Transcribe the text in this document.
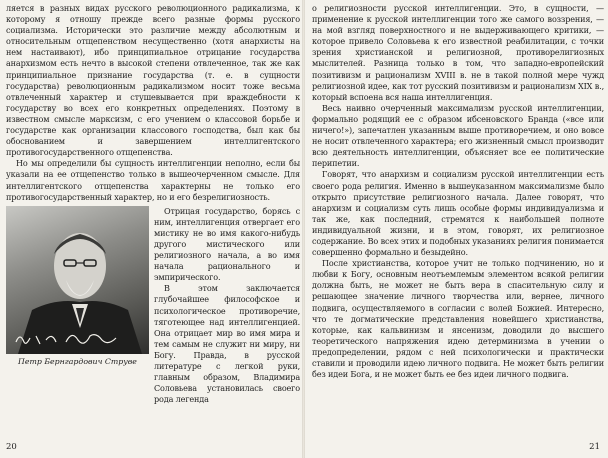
ляется в разных видах русского революционного радикализма, к которому я отношу прежде всего разные формы русского социализма. Исторически это различие между абсолютным и относительным отщепенством несущественно (хотя анархисты на нем настаивают), ибо принципиальное отрицание государства анархизмом есть нечто в высокой степени отвлеченное, так же как принципиальное признание государства (т. е. в сущности государства) революционным радикализмом носит тоже весьма отвлеченный характер и стушевывается при враждебности к государству во всех его конкретных определениях. Поэтому в известном смысле марксизм, с его учением о классовой борьбе и государстве как организации классового господства, был как бы обоснованием и завершением интеллигентского противогосударственного отщепенства.

Но мы определили бы сущность интеллигенции неполно, если бы указали на ее отщепенство только в вышеочерченном смысле. Для интеллигентского отщепенства характерны не только его противогосударственный характер, но и его безрелигиозность.

Петр Бернгардович Струве

Отрицая государство, борясь с ним, интеллигенция отвергает его мистику не во имя какого-нибудь другого мистического или религиозного начала, а во имя начала рационального и эмпирического.

В этом заключается глубочайшее философское и психологическое противоречие, тяготеющее над интеллигенцией. Она отрицает мир во имя мира и тем самым не служит ни миру, ни Богу. Правда, в русской литературе с легкой руки, главным образом, Владимира Соловьева установилась своего рода легенда

20

о религиозности русской интеллигенции. Это, в сущности, — применение к русской интеллигенции того же самого воззрения, — на мой взгляд поверхностного и не выдерживающего критики, — которое привело Соловьева к его известной реабилитации, с точки зрения христианской и религиозной, противорелигиозных мыслителей. Разница только в том, что западно-европейский позитивизм и рационализм XVIII в. не в такой полной мере чужд религиозной идее, как тот русский позитивизм и рационализм XIX в., который вспоена вся наша интеллигенция.

Весь наивно очерченный максимализм русской интеллигенции, формально родящий ее с образом ибсеновского Бранда («все или ничего!»), запечатлен указанным выше противоречием, и оно вовсе не носит отвлеченного характера; его жизненный смысл производит всю деятельность интеллигенции, объясняет все ее политические перипетии.

Говорят, что анархизм и социализм русской интеллигенции есть своего рода религия. Именно в вышеуказанном максимализме было открыто присутствие религиозного начала. Далее говорят, что анархизм и социализм суть лишь особые формы индивидуализма и так же, как последний, стремятся к наибольшей полноте индивидуальной жизни, и в этом, говорят, их религиозное содержание. Во всех этих и подобных указаниях религия понимается совершенно формально и безыдейно.

После христианства, которое учит не только подчинению, но и любви к Богу, основным неотъемлемым элементом всякой религии должна быть, не может не быть вера в спасительную силу и решающее значение личного творчества или, вернее, личного подвига, осуществляемого в согласии с волей Божией. Интересно, что те догматические представления новейшего христианства, которые, как кальвинизм и янсенизм, доводили до высшего теоретического напряжения идею детерминизма в учении о предопределении, рядом с ней психологически и практически ставили и проводили идею личного подвига. Не может быть религии без идеи Бога, и не может быть ее без идеи личного подвига.

21
